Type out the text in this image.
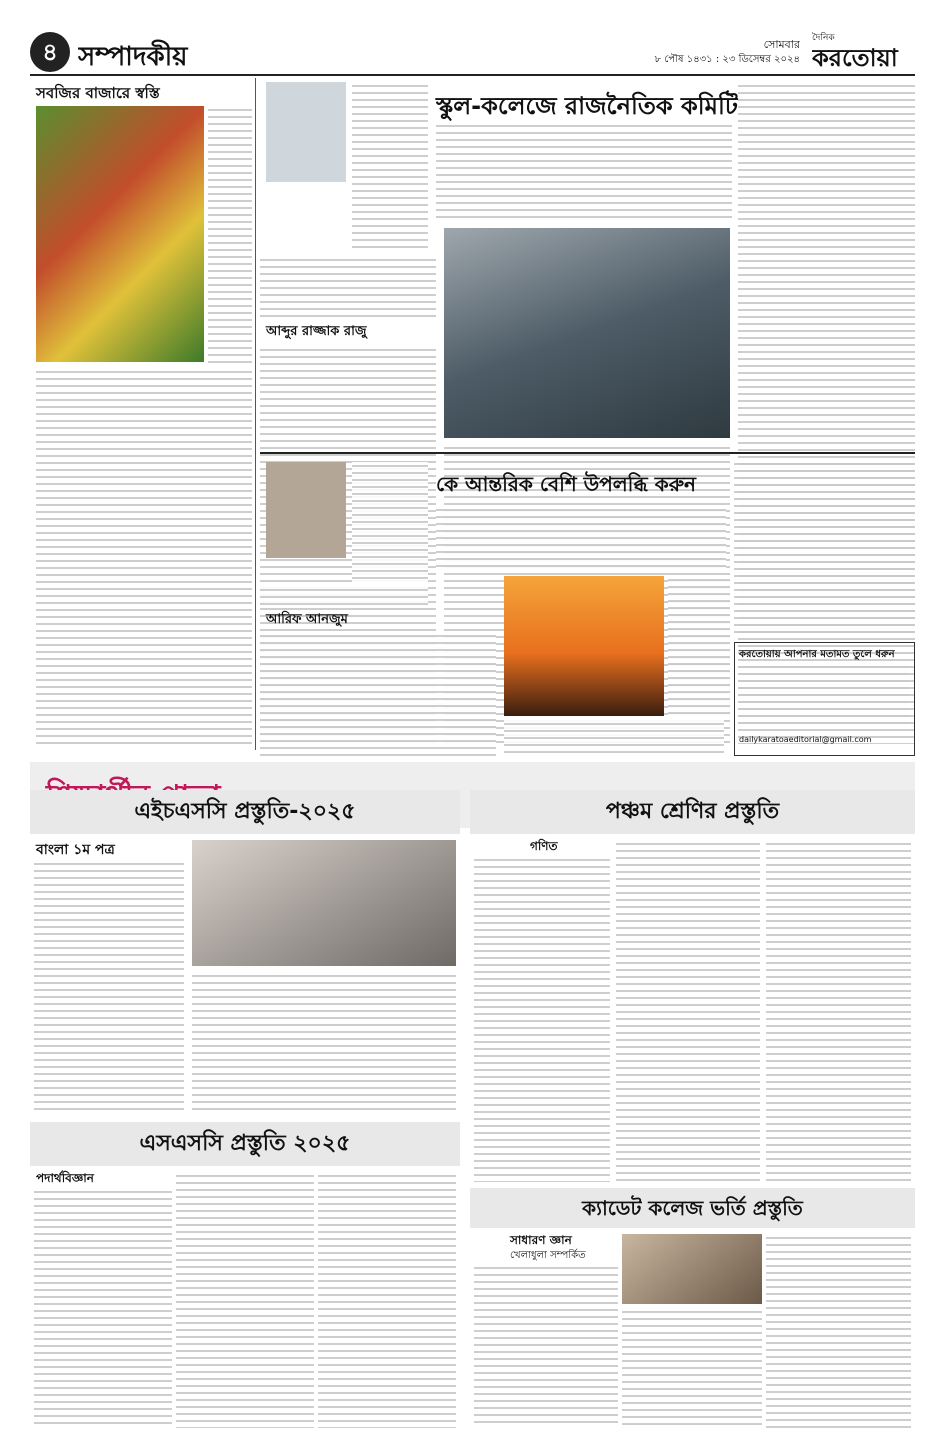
৪ সম্পাদকীয়	সোমবার
৮ পৌষ ১৪৩১ : ২৩ ডিসেম্বর ২০২৪
দৈনিক
করতোয়া
সবজির বাজারে স্বস্তি	স্কুল-কলেজে রাজনৈতিক কমিটি
আব্দুর রাজ্জাক রাজু
কে আন্তরিক বেশি উপলব্ধি করুন
আরিফ আনজুম
করতোয়ায় আপনার মতামত তুলে ধরুন
dailykaratoaeditorial@gmail.com
এইচএসসি প্রস্তুতি-২০২৫	পঞ্চম শ্রেণির প্রস্তুতি
বাংলা ১ম পত্র	গণিত
এসএসসি প্রস্তুতি ২০২৫
পদার্থবিজ্ঞান
ক্যাডেট কলেজ ভর্তি প্রস্তুতি
সাধারণ জ্ঞান
খেলাধুলা সম্পর্কিত
